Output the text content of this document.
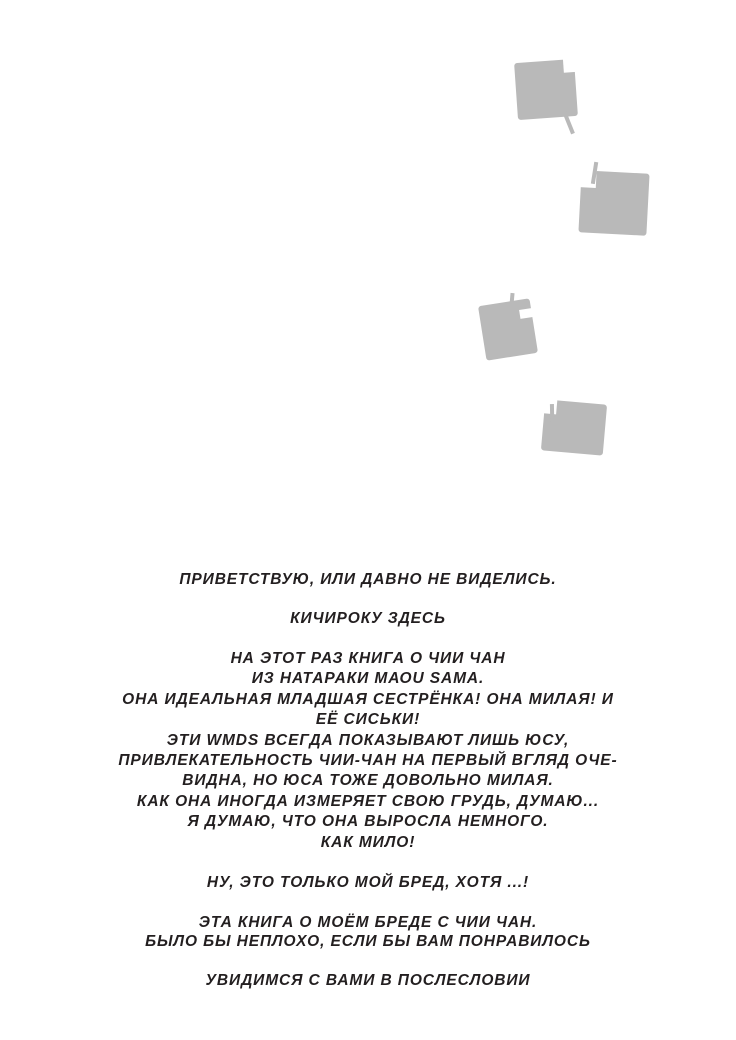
ПРИВЕТСТВУЮ, ИЛИ ДАВНО НЕ ВИДЕЛИСЬ.

КИЧИРОКУ ЗДЕСЬ

НА ЭТОТ РАЗ КНИГА О ЧИИ ЧАН
ИЗ НАТАРАКИ МАОU SAMA.
ОНА ИДЕАЛЬНАЯ МЛАДШАЯ СЕСТРЁНКА! ОНА МИЛАЯ! И
ЕЁ СИСЬКИ!
ЭТИ WMDS ВСЕГДА ПОКАЗЫВАЮТ ЛИШЬ ЮСУ,
ПРИВЛЕКАТЕЛЬНОСТЬ ЧИИ-ЧАН НА ПЕРВЫЙ ВГЛЯД ОЧЕ-
ВИДНА, НО ЮСА ТОЖЕ ДОВОЛЬНО МИЛАЯ.
КАК ОНА ИНОГДА ИЗМЕРЯЕТ СВОЮ ГРУДЬ, ДУМАЮ...
Я ДУМАЮ, ЧТО ОНА ВЫРОСЛА НЕМНОГО.
КАК МИЛО!

НУ, ЭТО ТОЛЬКО МОЙ БРЕД, ХОТЯ ...!

ЭТА КНИГА О МОЁМ БРЕДЕ С ЧИИ ЧАН.
БЫЛО БЫ НЕПЛОХО, ЕСЛИ БЫ ВАМ ПОНРАВИЛОСЬ

УВИДИМСЯ С ВАМИ В ПОСЛЕСЛОВИИ
